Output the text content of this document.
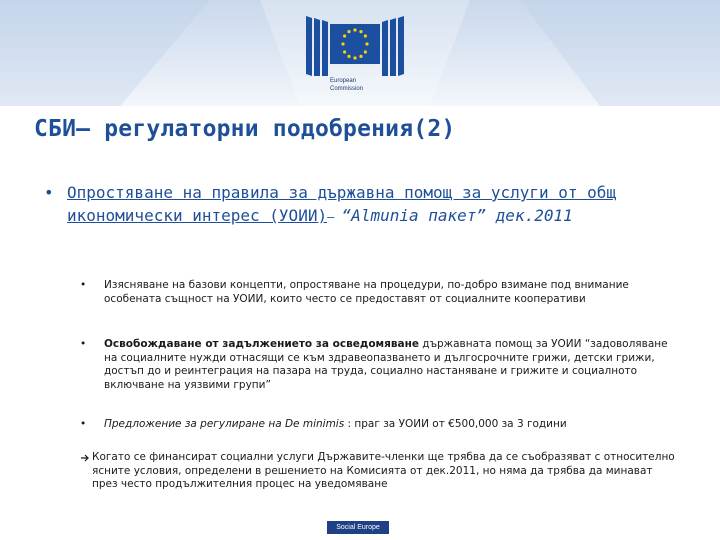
European
Commission
СБИ– регулаторни подобрения(2)
• Опростяване на правила за държавна помощ за услуги от общ икономически интерес (УОИИ)– “Almunia пакет” дек.2011
• Изясняване на базови концепти, опростяване на процедури, по-добро взимане под внимание особената същност на УОИИ, които често се предоставят от социалните кооперативи
• Освобождаване от задължението за осведомяване държавната помощ за УОИИ “задоволяване на социалните нужди отнасящи се към здравеопазването и дългосрочните грижи, детски грижи, достъп до и реинтеграция на пазара на труда, социално настаняване и грижите и социалното включване на уязвими групи”
• Предложение за регулиране на De minimis : праг за УОИИ от €500,000 за 3 години
Когато се финансират социални услуги Държавите-членки ще трябва да се съобразяват с относително ясните условия, определени в решението на Комисията от дек.2011, но няма да трябва да минават през често продължителния процес на уведомяване
Social Europe
